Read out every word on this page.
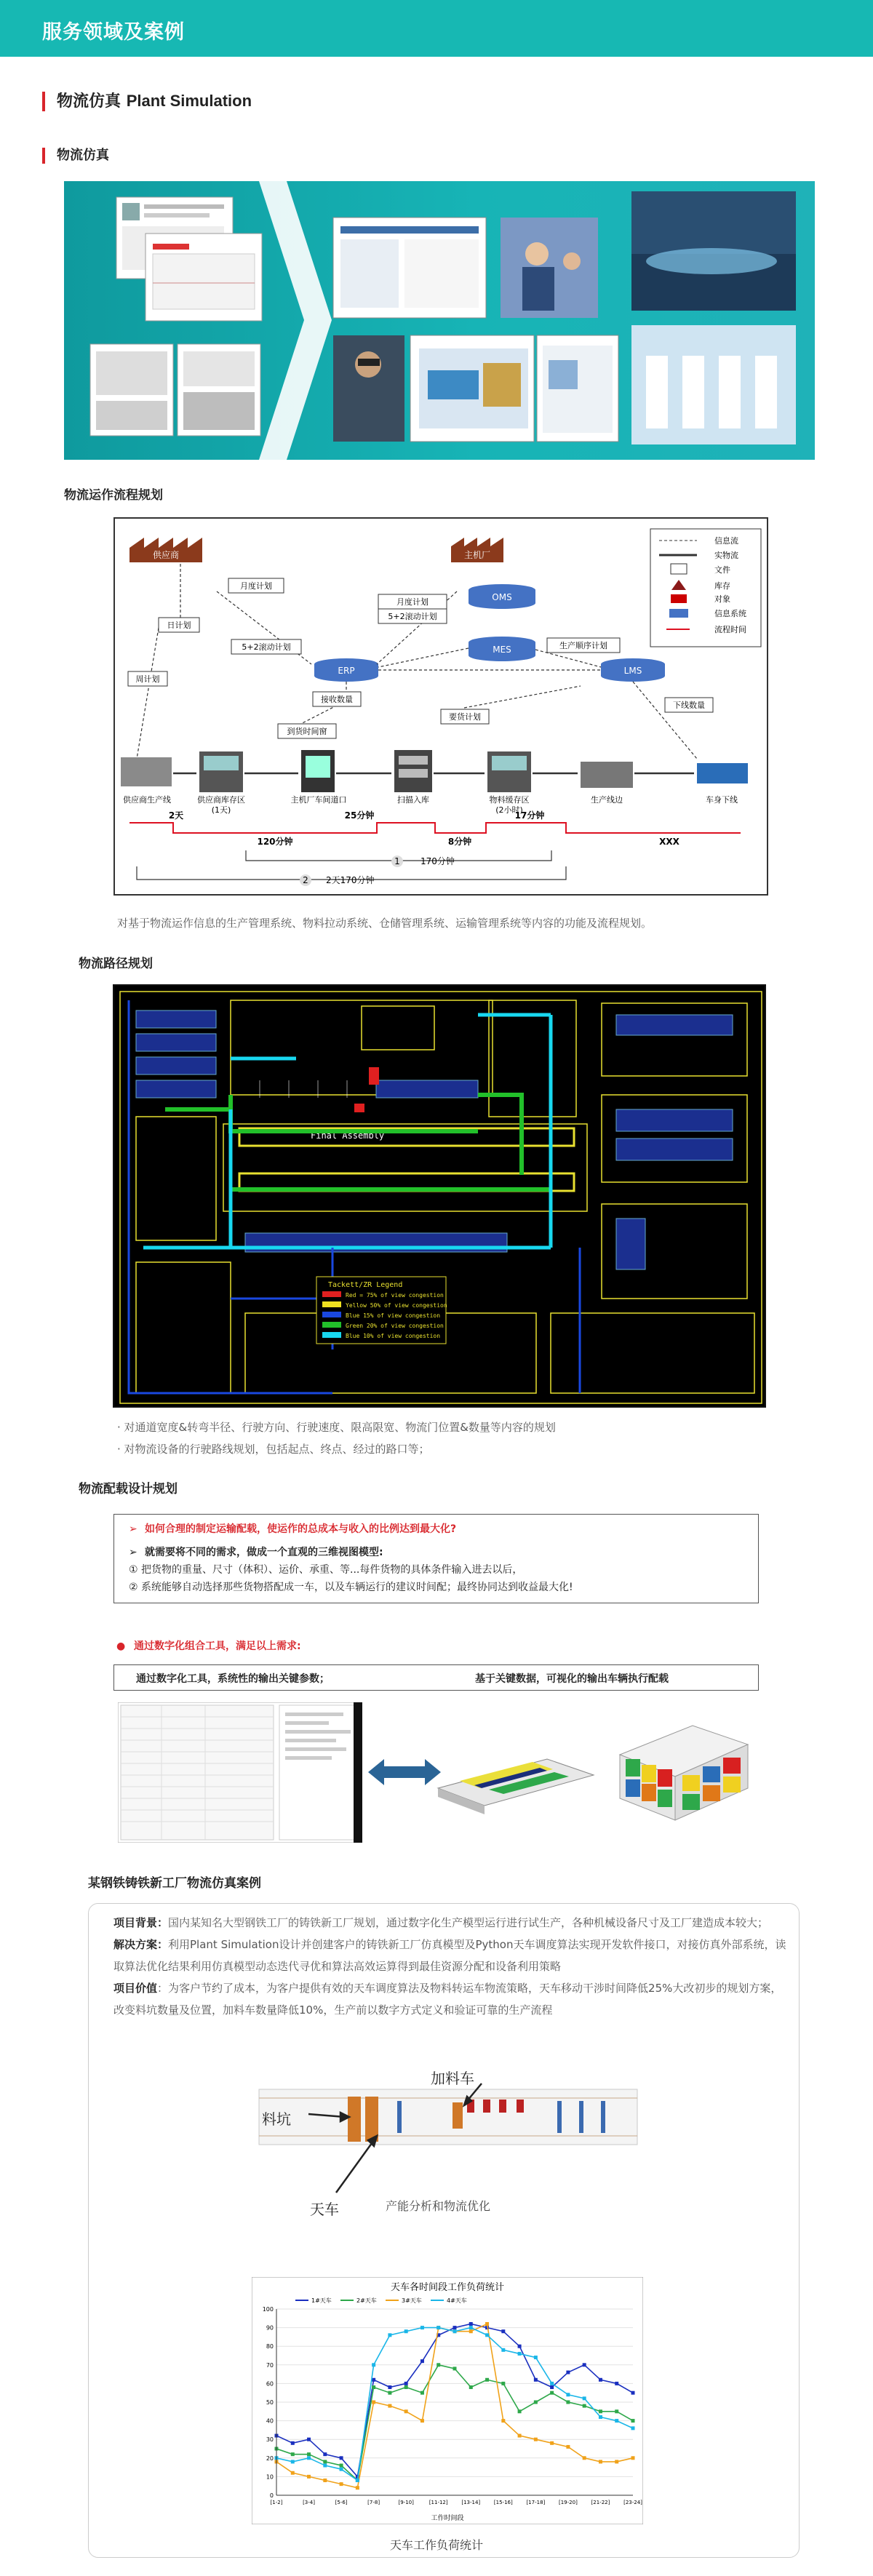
服务领域及案例
物流仿真 Plant Simulation
物流仿真
物流运作流程规划
供应商	主机厂
OMS
MES
ERP	LMS
月度计划
日计划
周计划
月度计划
5+2滚动计划
5+2滚动计划	生产顺序计划
接收数量
要货计划
到货时间窗
下线数量
供应商生产线	供应商库存区
(1天)
主机厂车间道口	扫描入库	物料缓存区
(2小时)
生产线边	车身下线
2天
120分钟
25分钟
8分钟
17分钟
XXX
1 170分钟
2 2天170分钟
信息流
实物流
文件
库存
对象
信息系统
流程时间
对基于物流运作信息的生产管理系统、物料拉动系统、仓储管理系统、运输管理系统等内容的功能及流程规划。
物流路径规划
Final Assembly
Tackett/ZR Legend
Red = 75% of view congestion
Yellow 50% of view congestion
Blue 15% of view congestion
Green 20% of view congestion
Blue 10% of view congestion
· 对通道宽度&转弯半径、行驶方向、行驶速度、限高限宽、物流门位置&数量等内容的规划
· 对物流设备的行驶路线规划，包括起点、终点、经过的路口等；
物流配载设计规划
➢ 如何合理的制定运输配载，使运作的总成本与收入的比例达到最大化?
➢ 就需要将不同的需求，做成一个直观的三维视图模型:
① 把货物的重量、尺寸（体积）、运价、承重、等...每件货物的具体条件输入进去以后，
② 系统能够自动选择那些货物搭配成一车，以及车辆运行的建议时间配；最终协同达到收益最大化!
● 通过数字化组合工具，满足以上需求:
通过数字化工具，系统性的输出关键参数；	基于关键数据，可视化的输出车辆执行配载
某钢铁铸铁新工厂物流仿真案例

项目背景：国内某知名大型钢铁工厂的铸铁新工厂规划，通过数字化生产模型运行进行试生产，各种机械设备尺寸及工厂建造成本较大；

解决方案：利用Plant Simulation设计并创建客户的铸铁新工厂仿真模型及Python天车调度算法实现开发软件接口，对接仿真外部系统，读取算法优化结果利用仿真模型动态迭代寻优和算法高效运算得到最佳资源分配和设备利用策略

项目价值：为客户节约了成本，为客户提供有效的天车调度算法及物料转运车物流策略，天车移动干涉时间降低25%大改初步的规划方案，改变料坑数量及位置，加料车数量降低10%，生产前以数字方式定义和验证可靠的生产流程

加料车
料坑
天车	产能分析和物流优化
天车各时间段工作负荷统计
1#天车	2#天车	3#天车	4#天车
0
10
20
30
40
50
60
70
80
90
100
[1-2]	[3-4]	[5-6]	[7-8]	[9-10]	[11-12]	[13-14]	[15-16]	[17-18]	[19-20]	[21-22]	[23-24]
工作时间段
天车工作负荷统计
